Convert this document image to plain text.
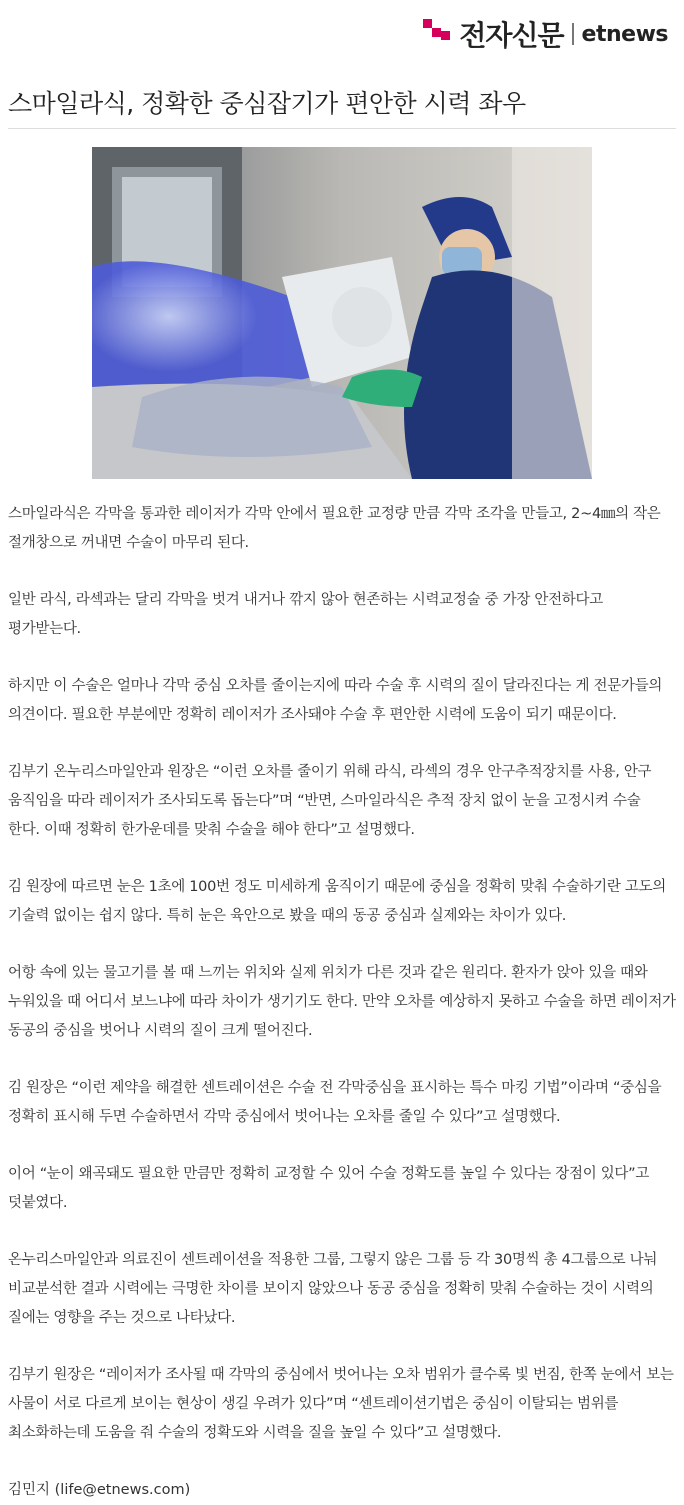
전자신문 etnews
스마일라식, 정확한 중심잡기가 편안한 시력 좌우

스마일라식은 각막을 통과한 레이저가 각막 안에서 필요한 교정량 만큼 각막 조각을 만들고, 2~4㎜의 작은 절개창으로 꺼내면 수술이 마무리 된다.

일반 라식, 라섹과는 달리 각막을 벗겨 내거나 깎지 않아 현존하는 시력교정술 중 가장 안전하다고 평가받는다.

하지만 이 수술은 얼마나 각막 중심 오차를 줄이는지에 따라 수술 후 시력의 질이 달라진다는 게 전문가들의 의견이다. 필요한 부분에만 정확히 레이저가 조사돼야 수술 후 편안한 시력에 도움이 되기 때문이다.

김부기 온누리스마일안과 원장은 “이런 오차를 줄이기 위해 라식, 라섹의 경우 안구추적장치를 사용, 안구 움직임을 따라 레이저가 조사되도록 돕는다”며 “반면, 스마일라식은 추적 장치 없이 눈을 고정시켜 수술 한다. 이때 정확히 한가운데를 맞춰 수술을 해야 한다”고 설명했다.

김 원장에 따르면 눈은 1초에 100번 정도 미세하게 움직이기 때문에 중심을 정확히 맞춰 수술하기란 고도의 기술력 없이는 쉽지 않다. 특히 눈은 육안으로 봤을 때의 동공 중심과 실제와는 차이가 있다.

어항 속에 있는 물고기를 볼 때 느끼는 위치와 실제 위치가 다른 것과 같은 원리다. 환자가 앉아 있을 때와 누워있을 때 어디서 보느냐에 따라 차이가 생기기도 한다. 만약 오차를 예상하지 못하고 수술을 하면 레이저가 동공의 중심을 벗어나 시력의 질이 크게 떨어진다.

김 원장은 “이런 제약을 해결한 센트레이션은 수술 전 각막중심을 표시하는 특수 마킹 기법”이라며 “중심을 정확히 표시해 두면 수술하면서 각막 중심에서 벗어나는 오차를 줄일 수 있다”고 설명했다.

이어 “눈이 왜곡돼도 필요한 만큼만 정확히 교정할 수 있어 수술 정확도를 높일 수 있다는 장점이 있다”고 덧붙였다.

온누리스마일안과 의료진이 센트레이션을 적용한 그룹, 그렇지 않은 그룹 등 각 30명씩 총 4그룹으로 나눠 비교분석한 결과 시력에는 극명한 차이를 보이지 않았으나 동공 중심을 정확히 맞춰 수술하는 것이 시력의 질에는 영향을 주는 것으로 나타났다.

김부기 원장은 “레이저가 조사될 때 각막의 중심에서 벗어나는 오차 범위가 클수록 빛 번짐, 한쪽 눈에서 보는 사물이 서로 다르게 보이는 현상이 생길 우려가 있다”며 “센트레이션기법은 중심이 이탈되는 범위를 최소화하는데 도움을 줘 수술의 정확도와 시력을 질을 높일 수 있다”고 설명했다.

김민지 (life@etnews.com)
